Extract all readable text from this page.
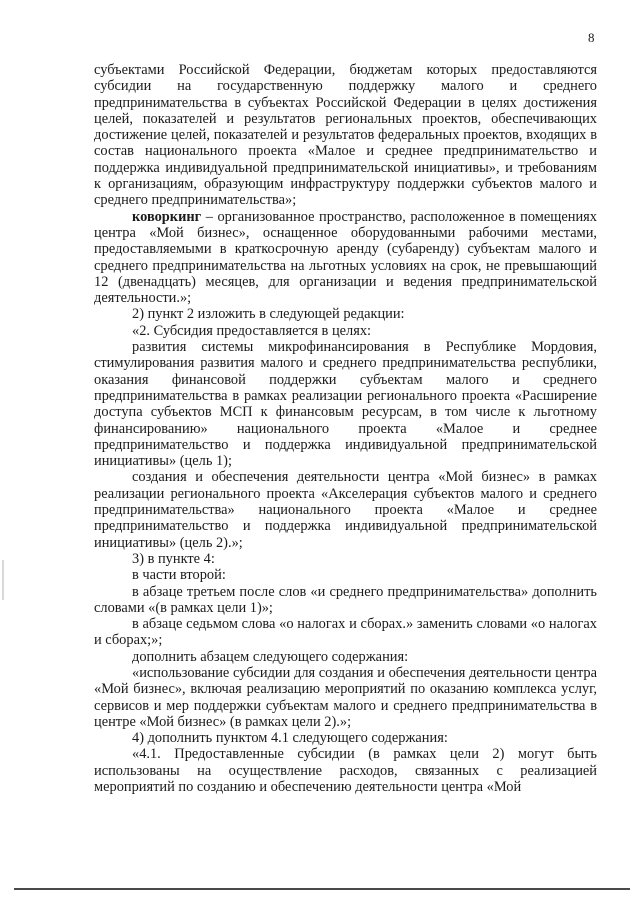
8

субъектами Российской Федерации, бюджетам которых предоставляются субсидии на государственную поддержку малого и среднего предпринимательства в субъектах Российской Федерации в целях достижения целей, показателей и результатов региональных проектов, обеспечивающих достижение целей, показателей и результатов федеральных проектов, входящих в состав национального проекта «Малое и среднее предпринимательство и поддержка индивидуальной предпринимательской инициативы», и требованиям к организациям, образующим инфраструктуру поддержки субъектов малого и среднего предпринимательства»;

коворкинг – организованное пространство, расположенное в помещениях центра «Мой бизнес», оснащенное оборудованными рабочими местами, предоставляемыми в краткосрочную аренду (субаренду) субъектам малого и среднего предпринимательства на льготных условиях на срок, не превышающий 12 (двенадцать) месяцев, для организации и ведения предпринимательской деятельности.»;

2) пункт 2 изложить в следующей редакции:

«2. Субсидия предоставляется в целях:

развития системы микрофинансирования в Республике Мордовия, стимулирования развития малого и среднего предпринимательства республики, оказания финансовой поддержки субъектам малого и среднего предпринимательства в рамках реализации регионального проекта «Расширение доступа субъектов МСП к финансовым ресурсам, в том числе к льготному финансированию» национального проекта «Малое и среднее предпринимательство и поддержка индивидуальной предпринимательской инициативы» (цель 1);

создания и обеспечения деятельности центра «Мой бизнес» в рамках реализации регионального проекта «Акселерация субъектов малого и среднего предпринимательства» национального проекта «Малое и среднее предпринимательство и поддержка индивидуальной предпринимательской инициативы» (цель 2).»;

3) в пункте 4:

в части второй:

в абзаце третьем после слов «и среднего предпринимательства» дополнить словами «(в рамках цели 1)»;

в абзаце седьмом слова «о налогах и сборах.» заменить словами «о налогах и сборах;»;

дополнить абзацем следующего содержания:

«использование субсидии для создания и обеспечения деятельности центра «Мой бизнес», включая реализацию мероприятий по оказанию комплекса услуг, сервисов и мер поддержки субъектам малого и среднего предпринимательства в центре «Мой бизнес» (в рамках цели 2).»;

4) дополнить пунктом 4.1 следующего содержания:

«4.1. Предоставленные субсидии (в рамках цели 2) могут быть использованы на осуществление расходов, связанных с реализацией мероприятий по созданию и обеспечению деятельности центра «Мой
